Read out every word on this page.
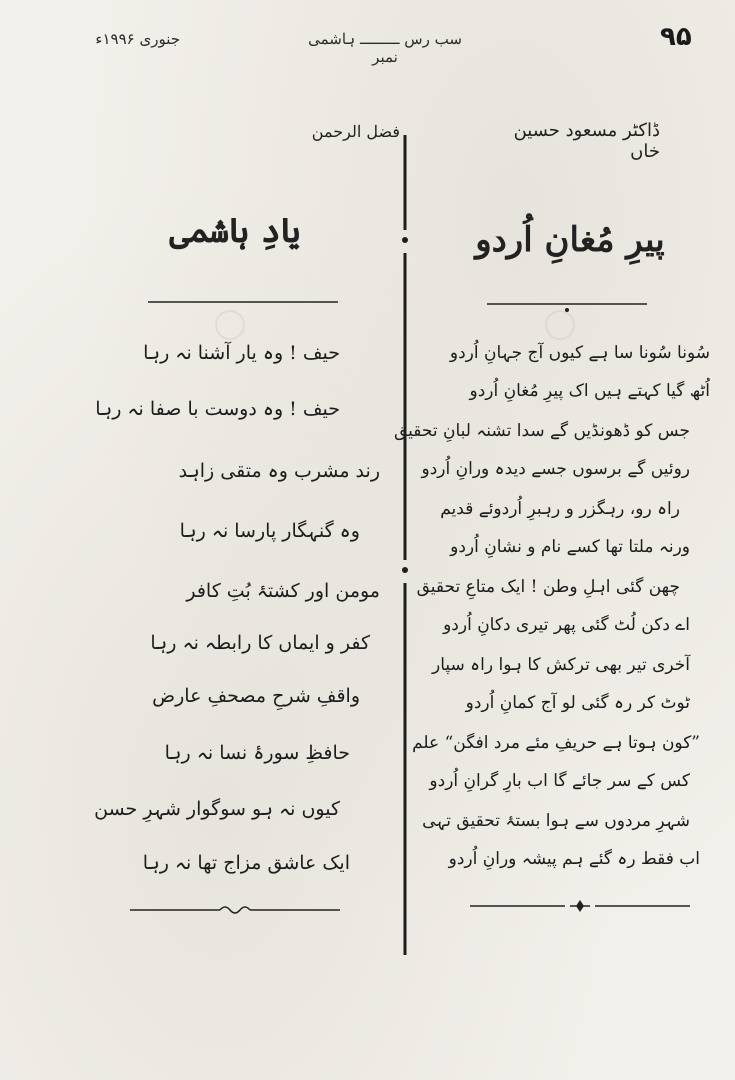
۹۵
سب رس ـــــــــ ہاشمی نمبر
جنوری ۱۹۹۶ء
ڈاکٹر مسعود حسین خاں
پیرِ مُغانِ اُردو
سُونا سُونا سا ہے کیوں آج جہانِ اُردو
اُٹھ گیا کہتے ہیں اک پیرِ مُغانِ اُردو
جس کو ڈھونڈیں گے سدا تشنہ لبانِ تحقیق
روئیں گے برسوں جسے دیدہ ورانِ اُردو
راہ رو، رہگزر و رہبرِ اُردوئے قدیم
ورنہ ملتا تھا کسے نام و نشانِ اُردو
چھن گئی اہلِ وطن ! ایک متاعِ تحقیق
اے دکن لُٹ گئی پھر تیری دکانِ اُردو
آخری تیر بھی ترکش کا ہوا راہ سپار
ٹوٹ کر رہ گئی لو آج کمانِ اُردو
”کون ہوتا ہے حریفِ مئے مرد افگن“ علم
کس کے سر جائے گا اب بارِ گرانِ اُردو
شہرِ مردوں سے ہوا بستۂ تحقیق تہی
اب فقط رہ گئے ہم پیشہ ورانِ اُردو
فضل الرحمن
یادِ ہاشمی
حیف ! وہ یار آشنا نہ رہا
حیف ! وہ دوست با صفا نہ رہا
رند مشرب وہ متقی زاہد
وہ گنہگار پارسا نہ رہا
مومن اور کشتۂ بُتِ کافر
کفر و ایماں کا رابطہ نہ رہا
واقفِ شرحِ مصحفِ عارض
حافظِ سورۂ نسا نہ رہا
کیوں نہ ہو سوگوار شہرِ حسن
ایک عاشق مزاج تھا نہ رہا
